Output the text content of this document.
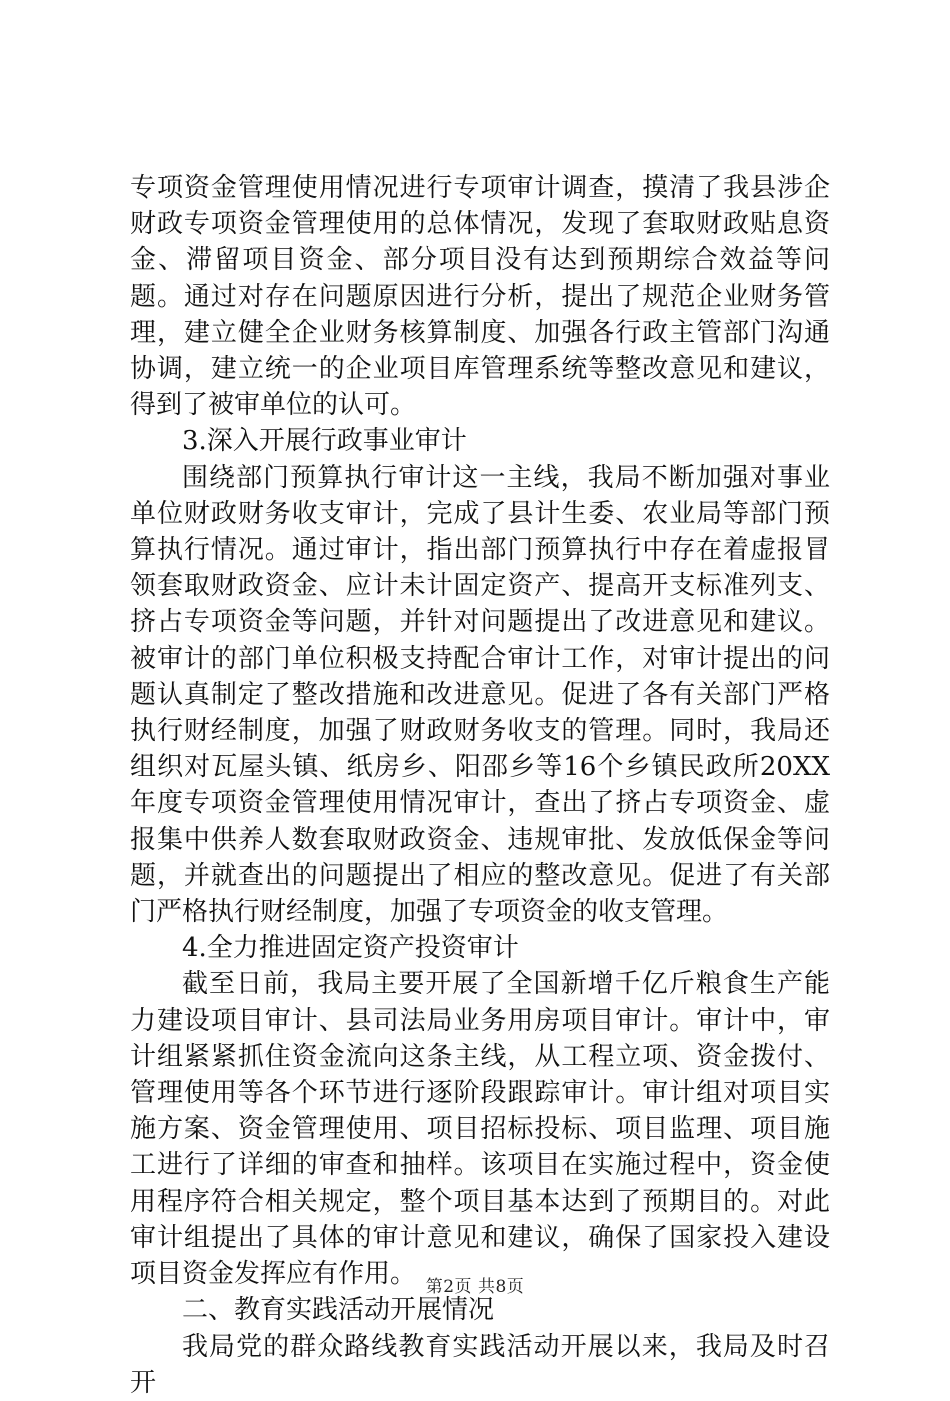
专项资金管理使用情况进行专项审计调查，摸清了我县涉企财政专项资金管理使用的总体情况，发现了套取财政贴息资金、滞留项目资金、部分项目没有达到预期综合效益等问题。通过对存在问题原因进行分析，提出了规范企业财务管理，建立健全企业财务核算制度、加强各行政主管部门沟通协调，建立统一的企业项目库管理系统等整改意见和建议，得到了被审单位的认可。

3.深入开展行政事业审计

围绕部门预算执行审计这一主线，我局不断加强对事业单位财政财务收支审计，完成了县计生委、农业局等部门预算执行情况。通过审计，指出部门预算执行中存在着虚报冒领套取财政资金、应计未计固定资产、提高开支标准列支、挤占专项资金等问题，并针对问题提出了改进意见和建议。被审计的部门单位积极支持配合审计工作，对审计提出的问题认真制定了整改措施和改进意见。促进了各有关部门严格执行财经制度，加强了财政财务收支的管理。同时，我局还组织对瓦屋头镇、纸房乡、阳邵乡等16个乡镇民政所20XX年度专项资金管理使用情况审计，查出了挤占专项资金、虚报集中供养人数套取财政资金、违规审批、发放低保金等问题，并就查出的问题提出了相应的整改意见。促进了有关部门严格执行财经制度，加强了专项资金的收支管理。

4.全力推进固定资产投资审计

截至日前，我局主要开展了全国新增千亿斤粮食生产能力建设项目审计、县司法局业务用房项目审计。审计中，审计组紧紧抓住资金流向这条主线，从工程立项、资金拨付、管理使用等各个环节进行逐阶段跟踪审计。审计组对项目实施方案、资金管理使用、项目招标投标、项目监理、项目施工进行了详细的审查和抽样。该项目在实施过程中，资金使用程序符合相关规定，整个项目基本达到了预期目的。对此审计组提出了具体的审计意见和建议，确保了国家投入建设项目资金发挥应有作用。

二、教育实践活动开展情况

我局党的群众路线教育实践活动开展以来，我局及时召开

第2页 共8页
